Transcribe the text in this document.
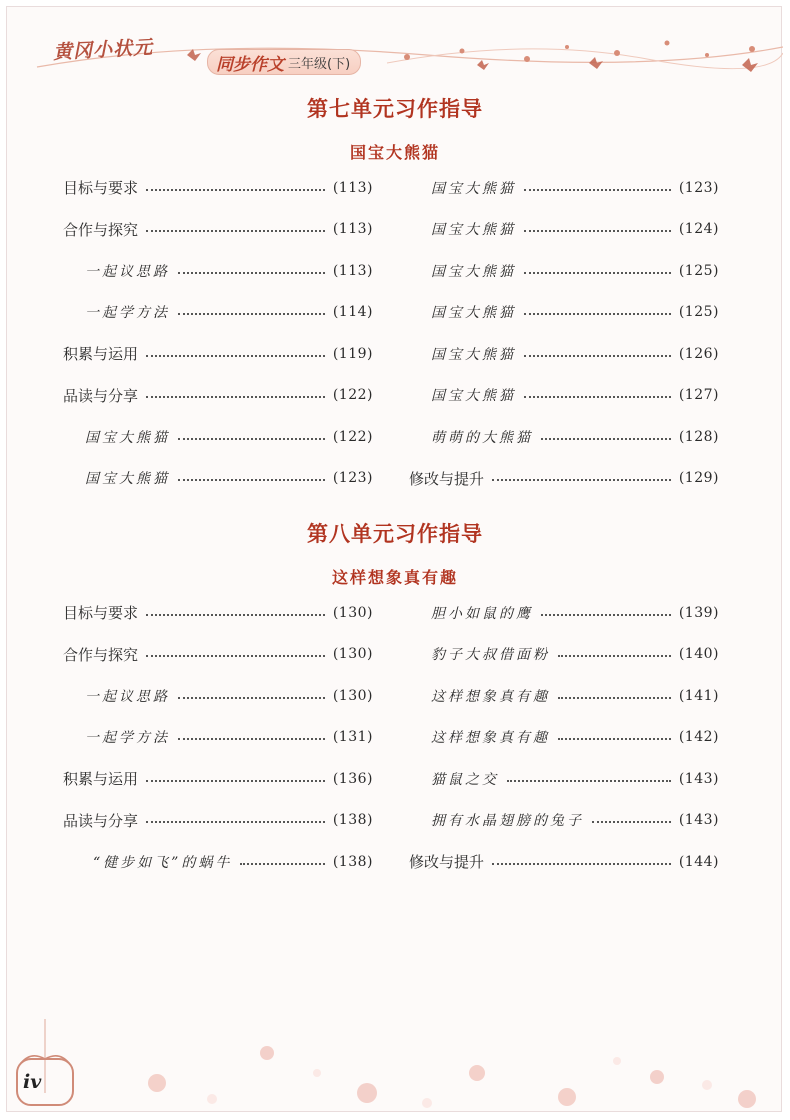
黄冈小状元
同步作文 三年级(下)
第七单元习作指导
国宝大熊猫
目标与要求	(113)
合作与探究	(113)
一起议思路	(113)
一起学方法	(114)
积累与运用	(119)
品读与分享	(122)
国宝大熊猫	(122)
国宝大熊猫	(123)
国宝大熊猫	(123)
国宝大熊猫	(124)
国宝大熊猫	(125)
国宝大熊猫	(125)
国宝大熊猫	(126)
国宝大熊猫	(127)
萌萌的大熊猫	(128)
修改与提升	(129)
第八单元习作指导
这样想象真有趣
目标与要求	(130)
合作与探究	(130)
一起议思路	(130)
一起学方法	(131)
积累与运用	(136)
品读与分享	(138)
“健步如飞”的蜗牛	(138)
胆小如鼠的鹰	(139)
豹子大叔借面粉	(140)
这样想象真有趣	(141)
这样想象真有趣	(142)
猫鼠之交	(143)
拥有水晶翅膀的兔子	(143)
修改与提升	(144)
iv
